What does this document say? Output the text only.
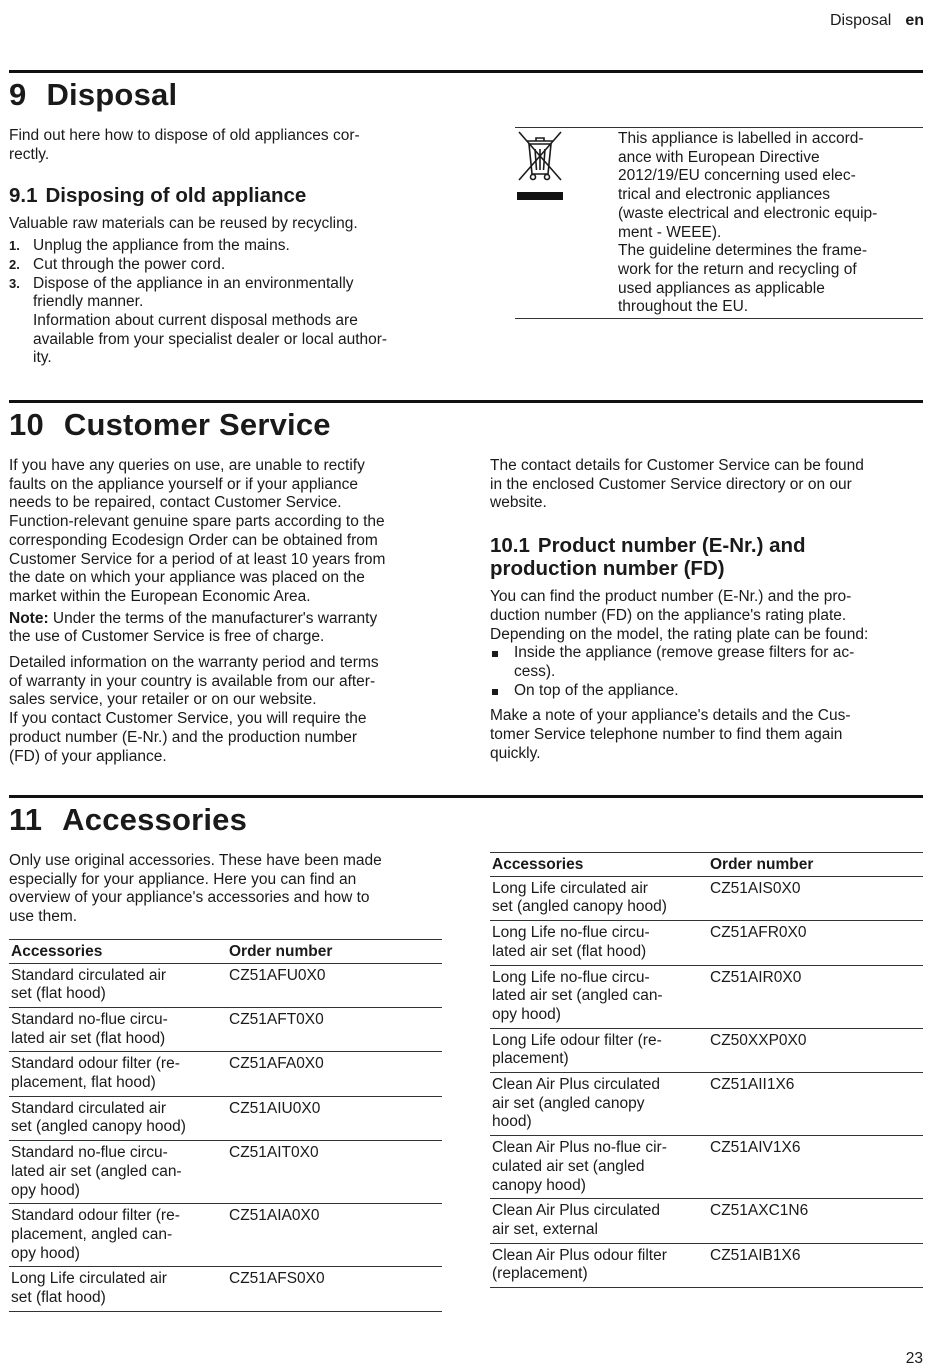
Disposal en
9 Disposal

Find out here how to dispose of old appliances cor-
rectly.

9.1 Disposing of old appliance

Valuable raw materials can be reused by recycling.

1. Unplug the appliance from the mains.
2. Cut through the power cord.
3. Dispose of the appliance in an environmentally
friendly manner.
Information about current disposal methods are
available from your specialist dealer or local author-
ity.
This appliance is labelled in accord-
ance with European Directive
2012/19/EU concerning used elec-
trical and electronic appliances
(waste electrical and electronic equip-
ment - WEEE).
The guideline determines the frame-
work for the return and recycling of
used appliances as applicable
throughout the EU.
10 Customer Service

If you have any queries on use, are unable to rectify
faults on the appliance yourself or if your appliance
needs to be repaired, contact Customer Service.
Function-relevant genuine spare parts according to the
corresponding Ecodesign Order can be obtained from
Customer Service for a period of at least 10 years from
the date on which your appliance was placed on the
market within the European Economic Area.

Note: Under the terms of the manufacturer's warranty
the use of Customer Service is free of charge.

Detailed information on the warranty period and terms
of warranty in your country is available from our after-
sales service, your retailer or on our website.
If you contact Customer Service, you will require the
product number (E-Nr.) and the production number
(FD) of your appliance.

The contact details for Customer Service can be found
in the enclosed Customer Service directory or on our
website.

10.1 Product number (E-Nr.) and
production number (FD)

You can find the product number (E-Nr.) and the pro-
duction number (FD) on the appliance's rating plate.
Depending on the model, the rating plate can be found:

Inside the appliance (remove grease filters for ac-
cess).
On top of the appliance.

Make a note of your appliance's details and the Cus-
tomer Service telephone number to find them again
quickly.

11 Accessories

Only use original accessories. These have been made
especially for your appliance. Here you can find an
overview of your appliance's accessories and how to
use them.

Accessories	Order number
Standard circulated air
set (flat hood)	CZ51AFU0X0
Standard no-flue circu-
lated air set (flat hood)	CZ51AFT0X0
Standard odour filter (re-
placement, flat hood)	CZ51AFA0X0
Standard circulated air
set (angled canopy hood)	CZ51AIU0X0
Standard no-flue circu-
lated air set (angled can-
opy hood)	CZ51AIT0X0
Standard odour filter (re-
placement, angled can-
opy hood)	CZ51AIA0X0
Long Life circulated air
set (flat hood)	CZ51AFS0X0
Accessories	Order number
Long Life circulated air
set (angled canopy hood)	CZ51AIS0X0
Long Life no-flue circu-
lated air set (flat hood)	CZ51AFR0X0
Long Life no-flue circu-
lated air set (angled can-
opy hood)	CZ51AIR0X0
Long Life odour filter (re-
placement)	CZ50XXP0X0
Clean Air Plus circulated
air set (angled canopy
hood)	CZ51AII1X6
Clean Air Plus no-flue cir-
culated air set (angled
canopy hood)	CZ51AIV1X6
Clean Air Plus circulated
air set, external	CZ51AXC1N6
Clean Air Plus odour filter
(replacement)	CZ51AIB1X6
23
